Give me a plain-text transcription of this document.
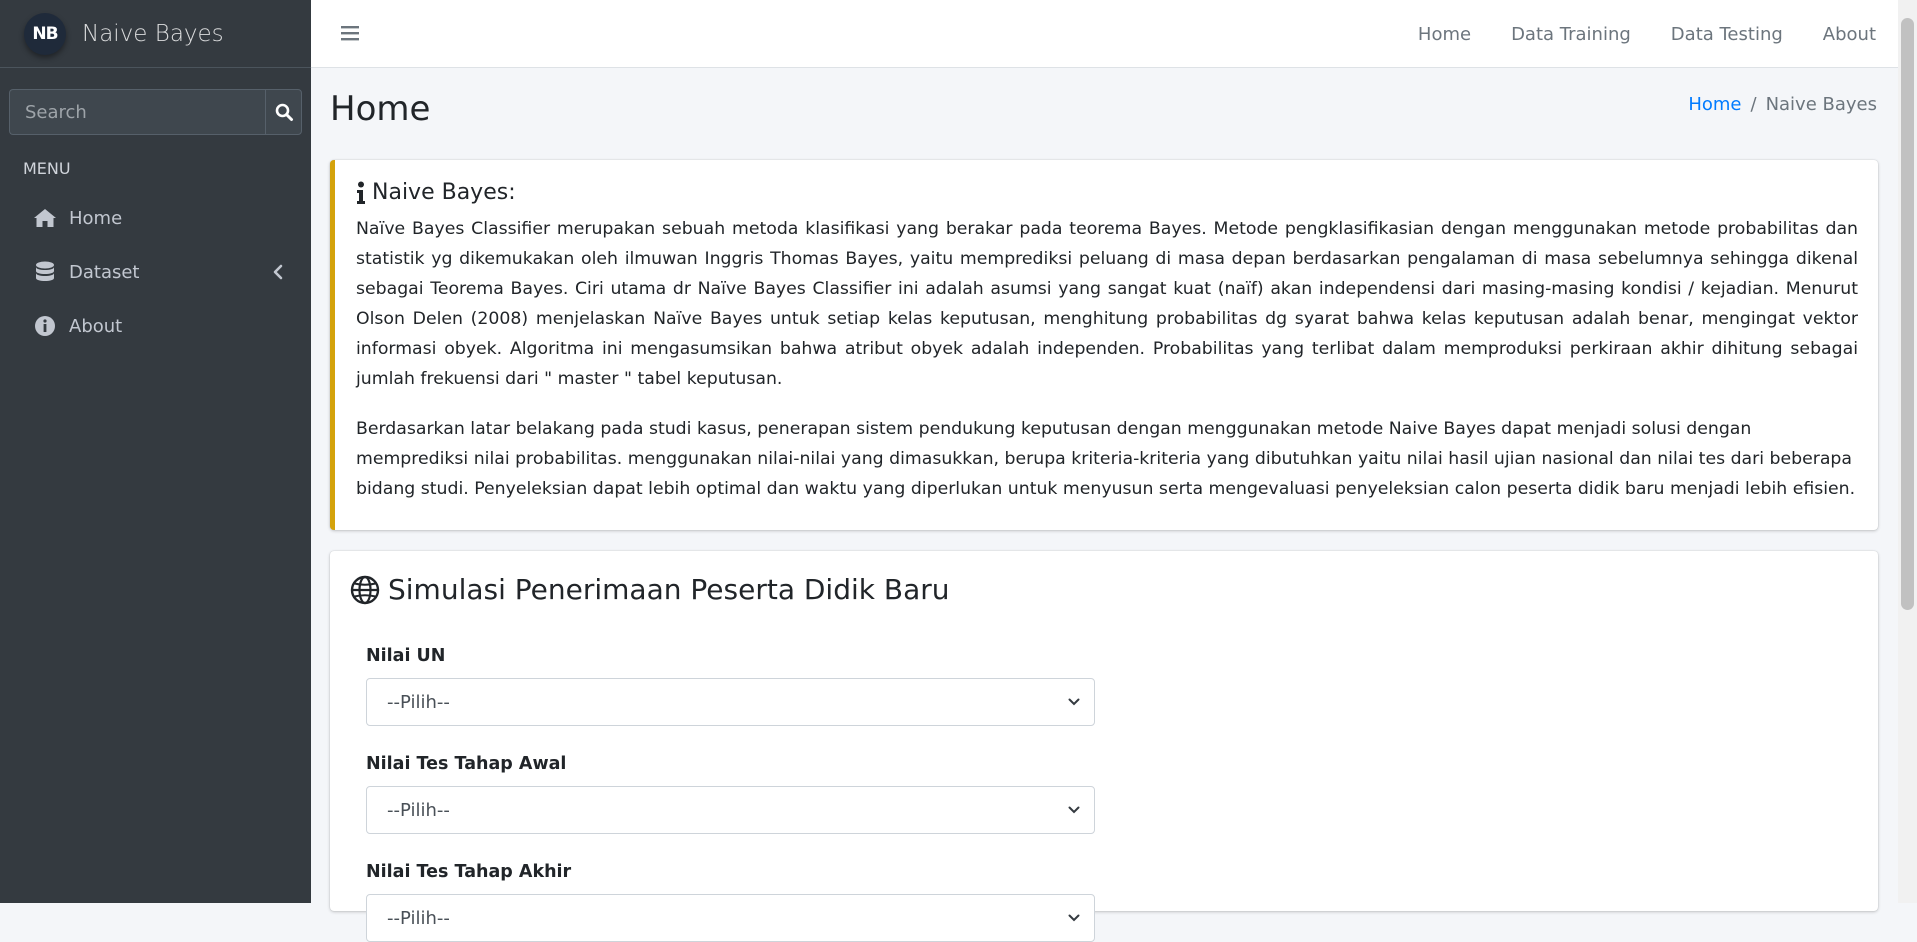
NB	Naive Bayes
Search
MENU
Home
Dataset
About
Home Data Training Data Testing About
Home	Home / Naive Bayes
Naive Bayes:

Naïve Bayes Classifier merupakan sebuah metoda klasifikasi yang berakar pada teorema Bayes. Metode pengklasifikasian dengan menggunakan metode probabilitas dan statistik yg dikemukakan oleh ilmuwan Inggris Thomas Bayes, yaitu memprediksi peluang di masa depan berdasarkan pengalaman di masa sebelumnya sehingga dikenal sebagai Teorema Bayes. Ciri utama dr Naïve Bayes Classifier ini adalah asumsi yang sangat kuat (naïf) akan independensi dari masing-masing kondisi / kejadian. Menurut Olson Delen (2008) menjelaskan Naïve Bayes untuk setiap kelas keputusan, menghitung probabilitas dg syarat bahwa kelas keputusan adalah benar, mengingat vektor informasi obyek. Algoritma ini mengasumsikan bahwa atribut obyek adalah independen. Probabilitas yang terlibat dalam memproduksi perkiraan akhir dihitung sebagai jumlah frekuensi dari " master " tabel keputusan.

Berdasarkan latar belakang pada studi kasus, penerapan sistem pendukung keputusan dengan menggunakan metode Naive Bayes dapat menjadi solusi dengan memprediksi nilai probabilitas. menggunakan nilai-nilai yang dimasukkan, berupa kriteria-kriteria yang dibutuhkan yaitu nilai hasil ujian nasional dan nilai tes dari beberapa bidang studi. Penyeleksian dapat lebih optimal dan waktu yang diperlukan untuk menyusun serta mengevaluasi penyeleksian calon peserta didik baru menjadi lebih efisien.

Simulasi Penerimaan Peserta Didik Baru
Nilai UN
--Pilih--
Nilai Tes Tahap Awal
--Pilih--
Nilai Tes Tahap Akhir
--Pilih--
